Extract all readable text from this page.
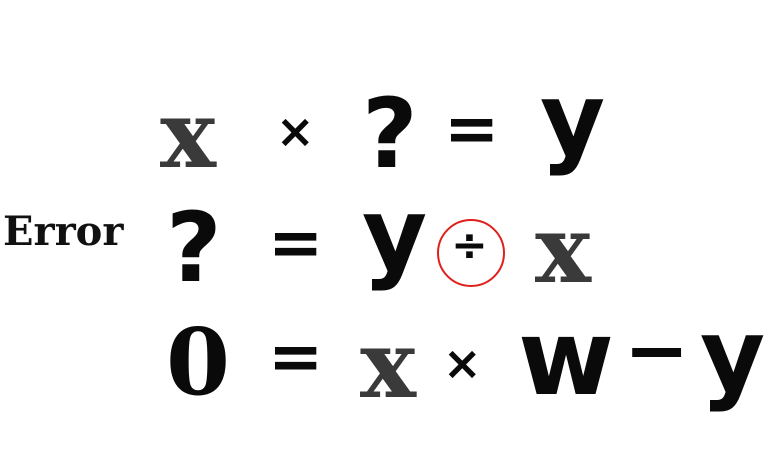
Error
x × ? = y
? = y ÷ x
0 = x × w − y
